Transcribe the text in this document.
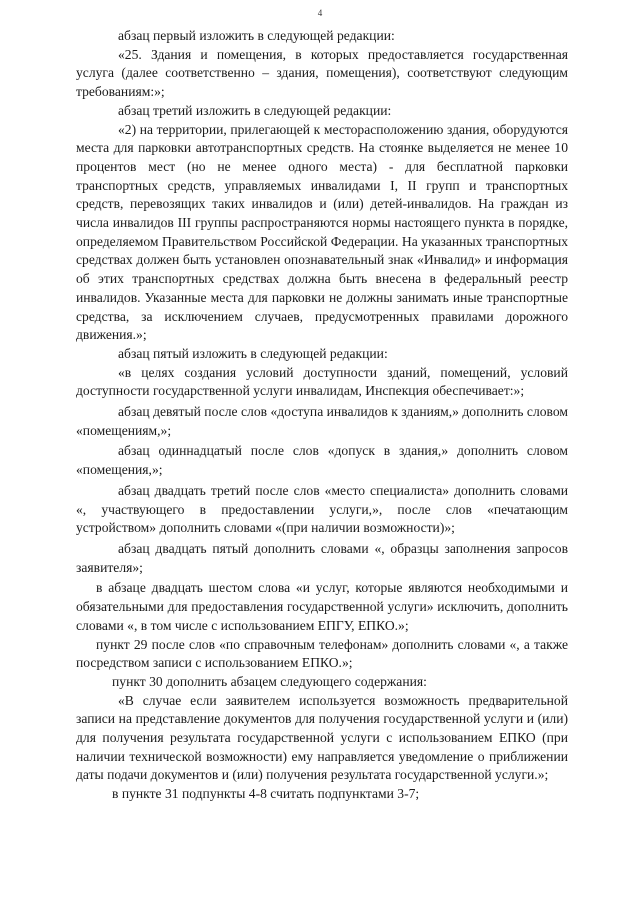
4

абзац первый изложить в следующей редакции:

«25. Здания и помещения, в которых предоставляется государственная услуга (далее соответственно – здания, помещения), соответствуют следующим требованиям:»;

абзац третий изложить в следующей редакции:

«2) на территории, прилегающей к месторасположению здания, оборудуются места для парковки автотранспортных средств. На стоянке выделяется не менее 10 процентов мест (но не менее одного места) - для бесплатной парковки транспортных средств, управляемых инвалидами I, II групп и транспортных средств, перевозящих таких инвалидов и (или) детей-инвалидов. На граждан из числа инвалидов III группы распространяются нормы настоящего пункта в порядке, определяемом Правительством Российской Федерации. На указанных транспортных средствах должен быть установлен опознавательный знак «Инвалид» и информация об этих транспортных средствах должна быть внесена в федеральный реестр инвалидов. Указанные места для парковки не должны занимать иные транспортные средства, за исключением случаев, предусмотренных правилами дорожного движения.»;

абзац пятый изложить в следующей редакции:

«в целях создания условий доступности зданий, помещений, условий доступности государственной услуги инвалидам, Инспекция обеспечивает:»;

абзац девятый после слов «доступа инвалидов к зданиям,» дополнить словом «помещениям,»;

абзац одиннадцатый после слов «допуск в здания,» дополнить словом «помещения,»;

абзац двадцать третий после слов «место специалиста» дополнить словами «, участвующего в предоставлении услуги,», после слов «печатающим устройством» дополнить словами «(при наличии возможности)»;

абзац двадцать пятый дополнить словами «, образцы заполнения запросов заявителя»;

в абзаце двадцать шестом слова «и услуг, которые являются необходимыми и обязательными для предоставления государственной услуги» исключить, дополнить словами «, в том числе с использованием ЕПГУ, ЕПКО.»;

пункт 29 после слов «по справочным телефонам» дополнить словами «, а также посредством записи с использованием ЕПКО.»;

пункт 30 дополнить абзацем следующего содержания:

«В случае если заявителем используется возможность предварительной записи на представление документов для получения государственной услуги и (или) для получения результата государственной услуги с использованием ЕПКО (при наличии технической возможности) ему направляется уведомление о приближении даты подачи документов и (или) получения результата государственной услуги.»;

в пункте 31 подпункты 4-8 считать подпунктами 3-7;
